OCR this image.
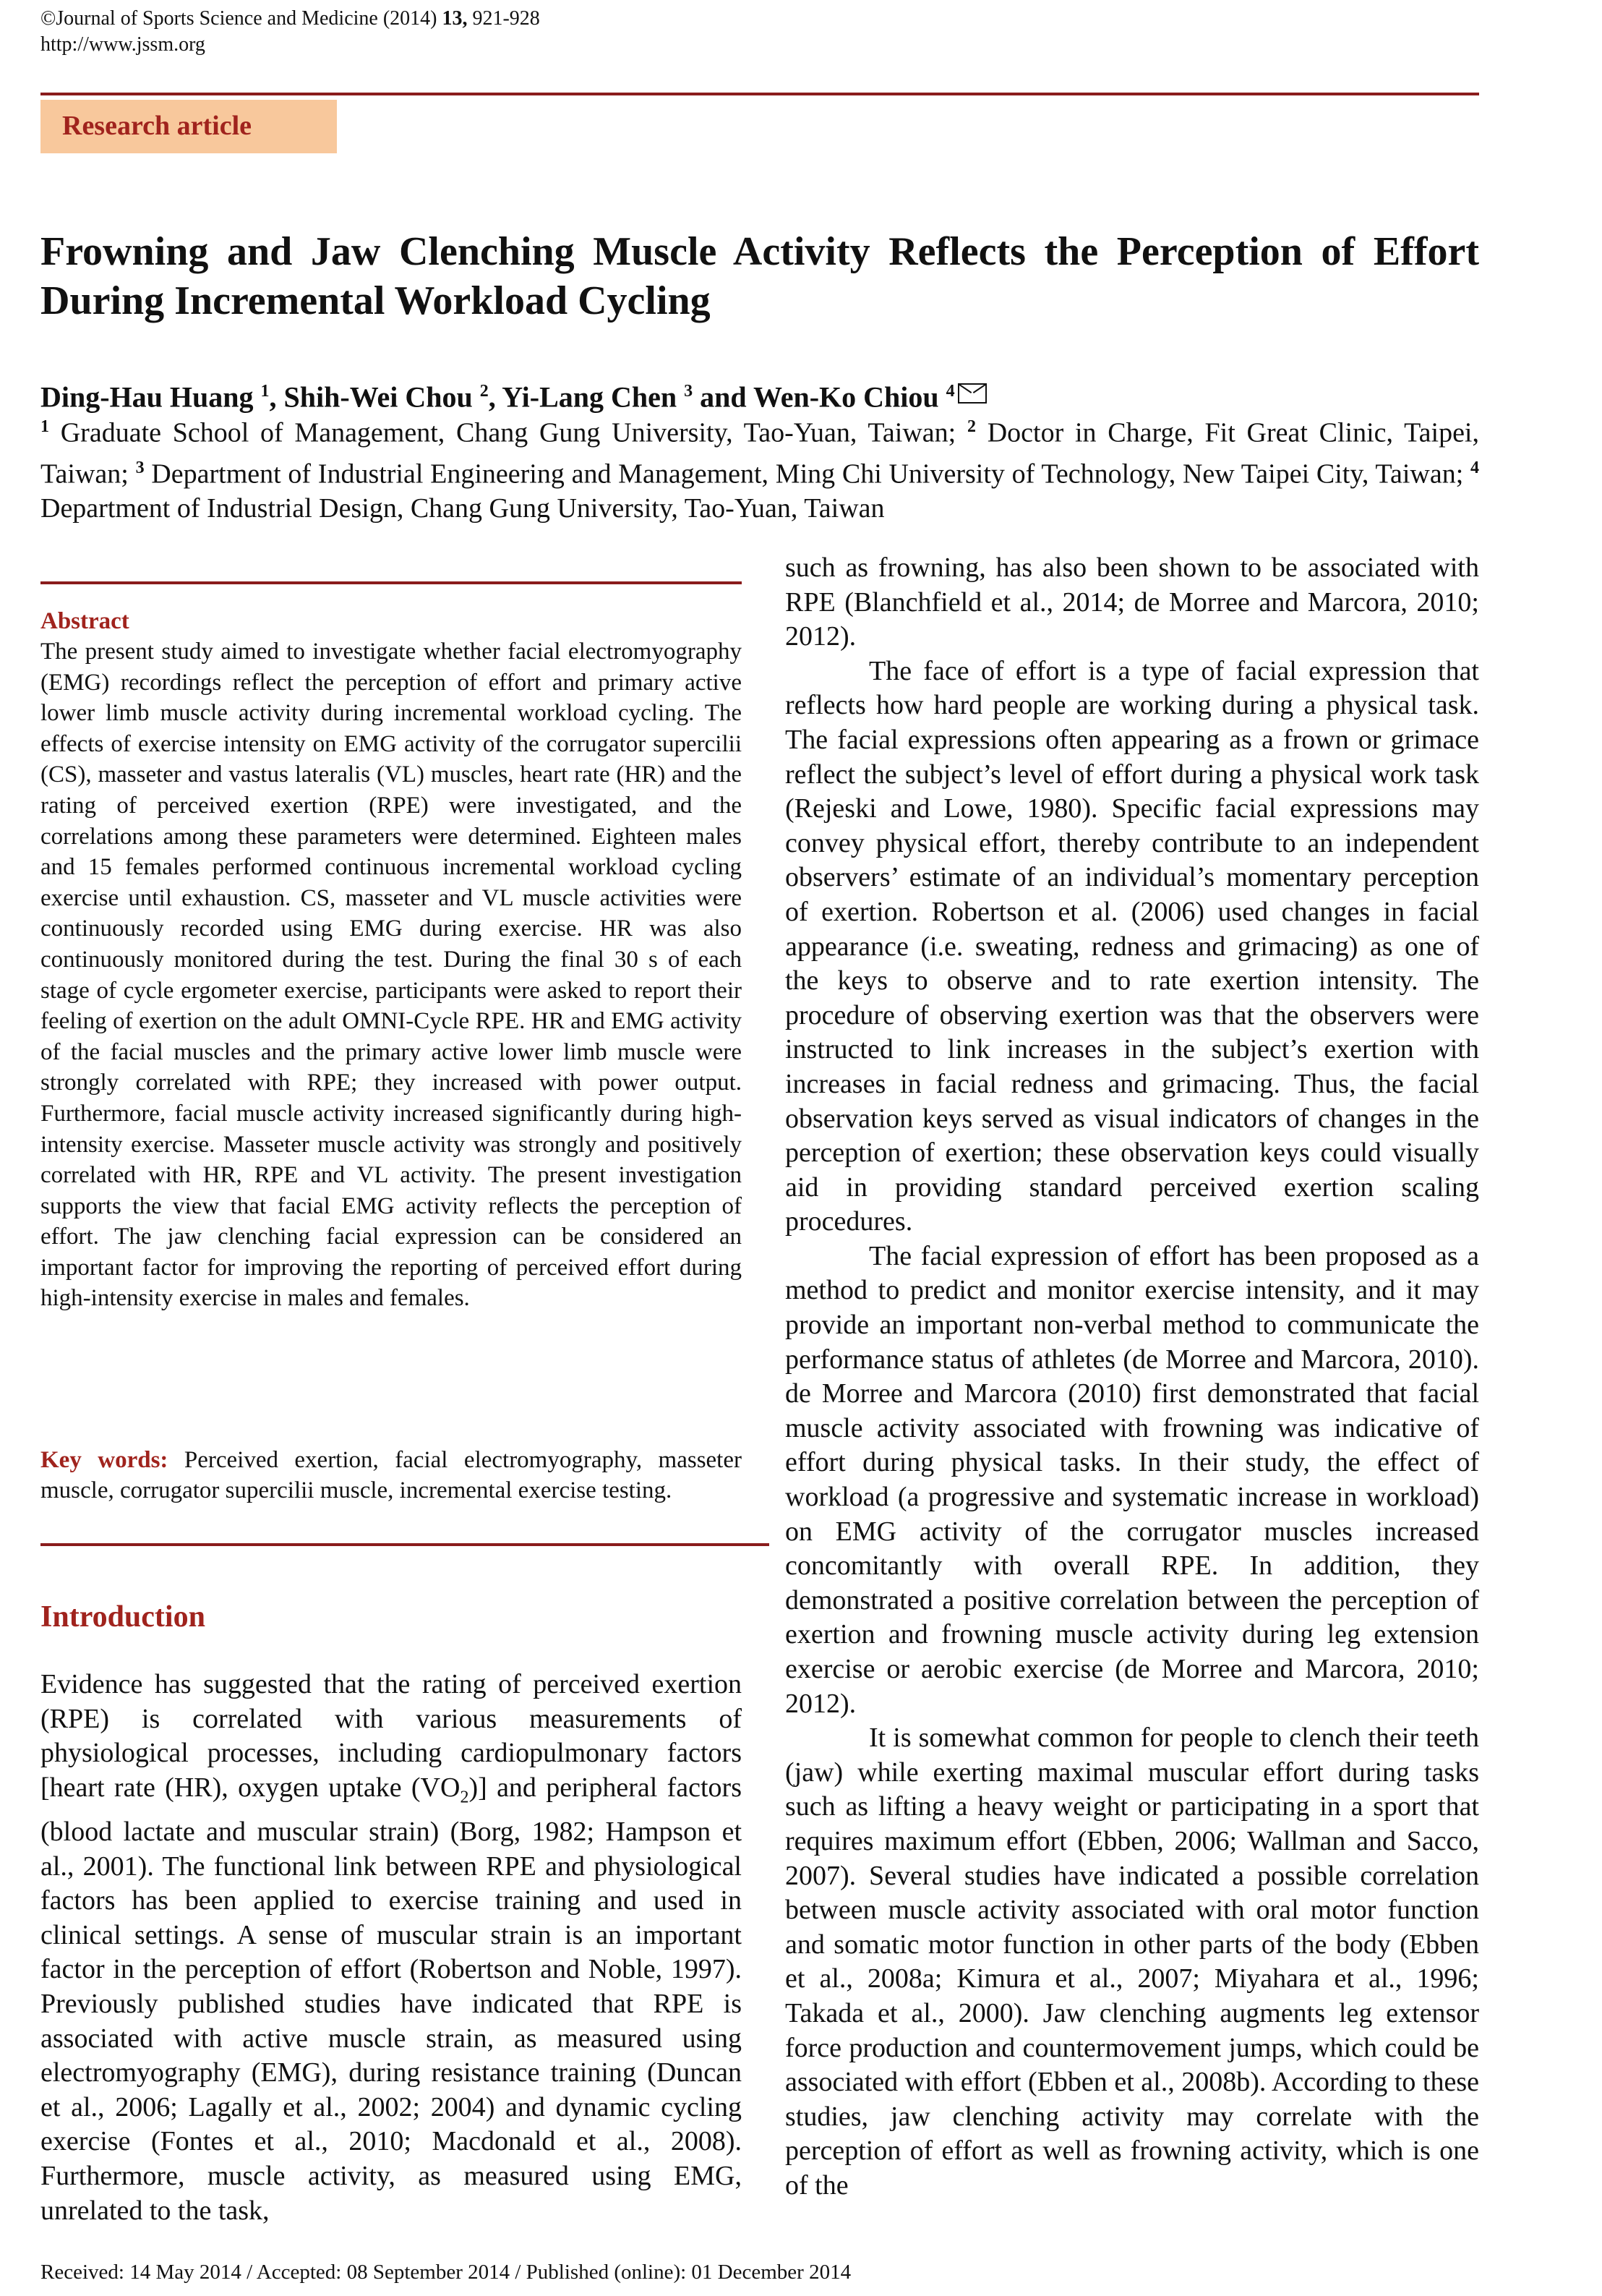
©Journal of Sports Science and Medicine (2014) 13, 921-928
http://www.jssm.org
Research article
Frowning and Jaw Clenching Muscle Activity Reflects the Perception of Effort During Incremental Workload Cycling
Ding-Hau Huang $^1$, Shih-Wei Chou $^2$, Yi-Lang Chen $^3$ and Wen-Ko Chiou $^4$
$^1$ Graduate School of Management, Chang Gung University, Tao-Yuan, Taiwan; $^2$ Doctor in Charge, Fit Great Clinic, Taipei, Taiwan; $^3$ Department of Industrial Engineering and Management, Ming Chi University of Technology, New Taipei City, Taiwan; $^4$ Department of Industrial Design, Chang Gung University, Tao-Yuan, Taiwan
Abstract
The present study aimed to investigate whether facial electromyography (EMG) recordings reflect the perception of effort and primary active lower limb muscle activity during incremental workload cycling. The effects of exercise intensity on EMG activity of the corrugator supercilii (CS), masseter and vastus lateralis (VL) muscles, heart rate (HR) and the rating of perceived exertion (RPE) were investigated, and the correlations among these parameters were determined. Eighteen males and 15 females performed continuous incremental workload cycling exercise until exhaustion. CS, masseter and VL muscle activities were continuously recorded using EMG during exercise. HR was also continuously monitored during the test. During the final 30 s of each stage of cycle ergometer exercise, participants were asked to report their feeling of exertion on the adult OMNI-Cycle RPE. HR and EMG activity of the facial muscles and the primary active lower limb muscle were strongly correlated with RPE; they increased with power output. Furthermore, facial muscle activity increased significantly during high-intensity exercise. Masseter muscle activity was strongly and positively correlated with HR, RPE and VL activity. The present investigation supports the view that facial EMG activity reflects the perception of effort. The jaw clenching facial expression can be considered an important factor for improving the reporting of perceived effort during high-intensity exercise in males and females.
Key words: Perceived exertion, facial electromyography, masseter muscle, corrugator supercilii muscle, incremental exercise testing.
Introduction
Evidence has suggested that the rating of perceived exertion (RPE) is correlated with various measurements of physiological processes, including cardiopulmonary factors [heart rate (HR), oxygen uptake $(VO_2)$] and peripheral factors (blood lactate and muscular strain) (Borg, 1982; Hampson et al., 2001). The functional link between RPE and physiological factors has been applied to exercise training and used in clinical settings. A sense of muscular strain is an important factor in the perception of effort (Robertson and Noble, 1997). Previously published studies have indicated that RPE is associated with active muscle strain, as measured using electromyography (EMG), during resistance training (Duncan et al., 2006; Lagally et al., 2002; 2004) and dynamic cycling exercise (Fontes et al., 2010; Macdonald et al., 2008). Furthermore, muscle activity, as measured using EMG, unrelated to the task,

such as frowning, has also been shown to be associated with RPE (Blanchfield et al., 2014; de Morree and Marcora, 2010; 2012).

The face of effort is a type of facial expression that reflects how hard people are working during a physical task. The facial expressions often appearing as a frown or grimace reflect the subject’s level of effort during a physical work task (Rejeski and Lowe, 1980). Specific facial expressions may convey physical effort, thereby contribute to an independent observers’ estimate of an individual’s momentary perception of exertion. Robertson et al. (2006) used changes in facial appearance (i.e. sweating, redness and grimacing) as one of the keys to observe and to rate exertion intensity. The procedure of observing exertion was that the observers were instructed to link increases in the subject’s exertion with increases in facial redness and grimacing. Thus, the facial observation keys served as visual indicators of changes in the perception of exertion; these observation keys could visually aid in providing standard perceived exertion scaling procedures.

The facial expression of effort has been proposed as a method to predict and monitor exercise intensity, and it may provide an important non-verbal method to communicate the performance status of athletes (de Morree and Marcora, 2010). de Morree and Marcora (2010) first demonstrated that facial muscle activity associated with frowning was indicative of effort during physical tasks. In their study, the effect of workload (a progressive and systematic increase in workload) on EMG activity of the corrugator muscles increased concomitantly with overall RPE. In addition, they demonstrated a positive correlation between the perception of exertion and frowning muscle activity during leg extension exercise or aerobic exercise (de Morree and Marcora, 2010; 2012).

It is somewhat common for people to clench their teeth (jaw) while exerting maximal muscular effort during tasks such as lifting a heavy weight or participating in a sport that requires maximum effort (Ebben, 2006; Wallman and Sacco, 2007). Several studies have indicated a possible correlation between muscle activity associated with oral motor function and somatic motor function in other parts of the body (Ebben et al., 2008a; Kimura et al., 2007; Miyahara et al., 1996; Takada et al., 2000). Jaw clenching augments leg extensor force production and countermovement jumps, which could be associated with effort (Ebben et al., 2008b). According to these studies, jaw clenching activity may correlate with the perception of effort as well as frowning activity, which is one of the

Received: 14 May 2014 / Accepted: 08 September 2014 / Published (online): 01 December 2014
